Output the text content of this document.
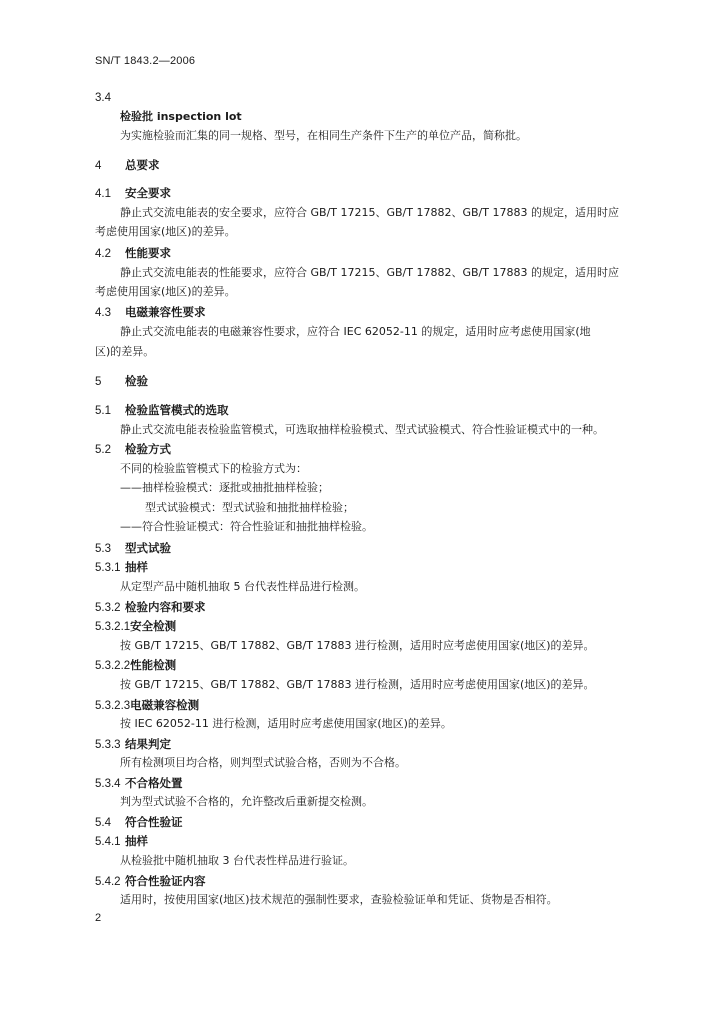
SN/T 1843.2—2006
3.4
检验批 inspection lot
为实施检验而汇集的同一规格、型号，在相同生产条件下生产的单位产品，简称批。
4 总要求
4.1 安全要求
静止式交流电能表的安全要求，应符合 GB/T 17215、GB/T 17882、GB/T 17883 的规定，适用时应
考虑使用国家(地区)的差异。
4.2 性能要求
静止式交流电能表的性能要求，应符合 GB/T 17215、GB/T 17882、GB/T 17883 的规定，适用时应
考虑使用国家(地区)的差异。
4.3 电磁兼容性要求
静止式交流电能表的电磁兼容性要求，应符合 IEC 62052-11 的规定，适用时应考虑使用国家(地
区)的差异。
5 检验
5.1 检验监管模式的选取
静止式交流电能表检验监管模式，可选取抽样检验模式、型式试验模式、符合性验证模式中的一种。
5.2 检验方式
不同的检验监管模式下的检验方式为：
——抽样检验模式：逐批或抽批抽样检验；
型式试验模式：型式试验和抽批抽样检验；
——符合性验证模式：符合性验证和抽批抽样检验。
5.3 型式试验
5.3.1 抽样
从定型产品中随机抽取 5 台代表性样品进行检测。
5.3.2 检验内容和要求
5.3.2.1安全检测
按 GB/T 17215、GB/T 17882、GB/T 17883 进行检测，适用时应考虑使用国家(地区)的差异。
5.3.2.2性能检测
按 GB/T 17215、GB/T 17882、GB/T 17883 进行检测，适用时应考虑使用国家(地区)的差异。
5.3.2.3电磁兼容检测
按 IEC 62052-11 进行检测，适用时应考虑使用国家(地区)的差异。
5.3.3 结果判定
所有检测项目均合格，则判型式试验合格，否则为不合格。
5.3.4 不合格处置
判为型式试验不合格的，允许整改后重新提交检测。
5.4 符合性验证
5.4.1 抽样
从检验批中随机抽取 3 台代表性样品进行验证。
5.4.2 符合性验证内容
适用时，按使用国家(地区)技术规范的强制性要求，查验检验证单和凭证、货物是否相符。
2
